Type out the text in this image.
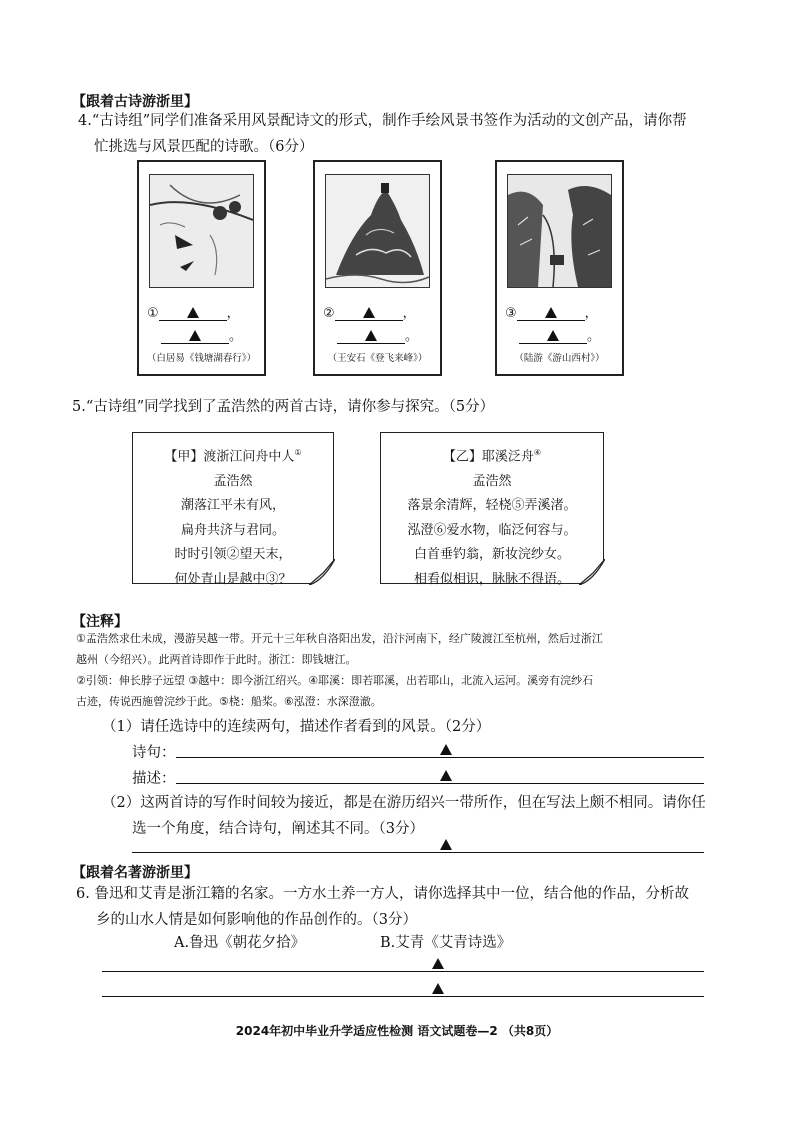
【跟着古诗游浙里】
4.“古诗组”同学们准备采用风景配诗文的形式，制作手绘风景书签作为活动的文创产品，请你帮
忙挑选与风景匹配的诗歌。（6分）
①	，
。
（白居易《钱塘湖春行》）
②	，
。
（王安石《登飞来峰》）
③	，
。
（陆游《游山西村》）
5.“古诗组”同学找到了孟浩然的两首古诗，请你参与探究。（5分）
【甲】渡浙江问舟中人①
孟浩然
潮落江平未有风，
扁舟共济与君同。
时时引领②望天末，
何处青山是越中③？
【乙】耶溪泛舟④
孟浩然
落景余清辉，轻桡⑤弄溪渚。
泓澄⑥爱水物，临泛何容与。
白首垂钓翁，新妆浣纱女。
相看似相识，脉脉不得语。
【注释】
①孟浩然求仕未成，漫游吴越一带。开元十三年秋自洛阳出发，沿汴河南下，经广陵渡江至杭州，然后过浙江
越州（今绍兴）。此两首诗即作于此时。浙江：即钱塘江。
②引领：伸长脖子远望 ③越中：即今浙江绍兴。④耶溪：即若耶溪，出若耶山，北流入运河。溪旁有浣纱石
古迹，传说西施曾浣纱于此。⑤桡：船桨。⑥泓澄：水深澄澈。
（1）请任选诗中的连续两句，描述作者看到的风景。（2分）
诗句：
描述：
（2）这两首诗的写作时间较为接近，都是在游历绍兴一带所作，但在写法上颇不相同。请你任
选一个角度，结合诗句，阐述其不同。（3分）
【跟着名著游浙里】
6. 鲁迅和艾青是浙江籍的名家。一方水土养一方人，请你选择其中一位，结合他的作品，分析故
乡的山水人情是如何影响他的作品创作的。（3分）
A.鲁迅《朝花夕拾》	B.艾青《艾青诗选》
2024年初中毕业升学适应性检测 语文试题卷—2 （共8页）
